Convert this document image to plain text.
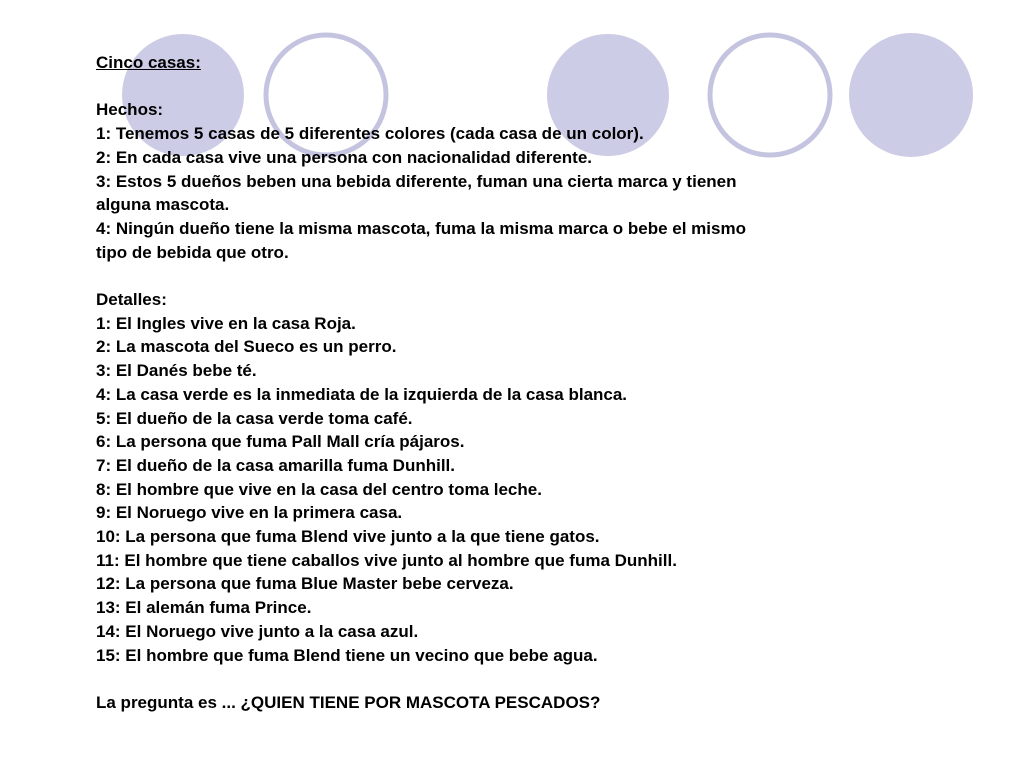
Cinco casas:
Hechos:
1: Tenemos 5 casas de 5 diferentes colores (cada casa de un color).
2: En cada casa vive una persona con nacionalidad diferente.
3: Estos 5 dueños beben una bebida diferente, fuman una cierta marca y tienen
alguna mascota.
4: Ningún dueño tiene la misma mascota, fuma la misma marca o bebe el mismo
tipo de bebida que otro.
Detalles:
1: El Ingles vive en la casa Roja.
2: La mascota del Sueco es un perro.
3: El Danés bebe té.
4: La casa verde es la inmediata de la izquierda de la casa blanca.
5: El dueño de la casa verde toma café.
6: La persona que fuma Pall Mall cría pájaros.
7: El dueño de la casa amarilla fuma Dunhill.
8: El hombre que vive en la casa del centro toma leche.
9: El Noruego vive en la primera casa.
10: La persona que fuma Blend vive junto a la que tiene gatos.
11: El hombre que tiene caballos vive junto al hombre que fuma Dunhill.
12: La persona que fuma Blue Master bebe cerveza.
13: El alemán fuma Prince.
14: El Noruego vive junto a la casa azul.
15: El hombre que fuma Blend tiene un vecino que bebe agua.
La pregunta es ... ¿QUIEN TIENE POR MASCOTA PESCADOS?
